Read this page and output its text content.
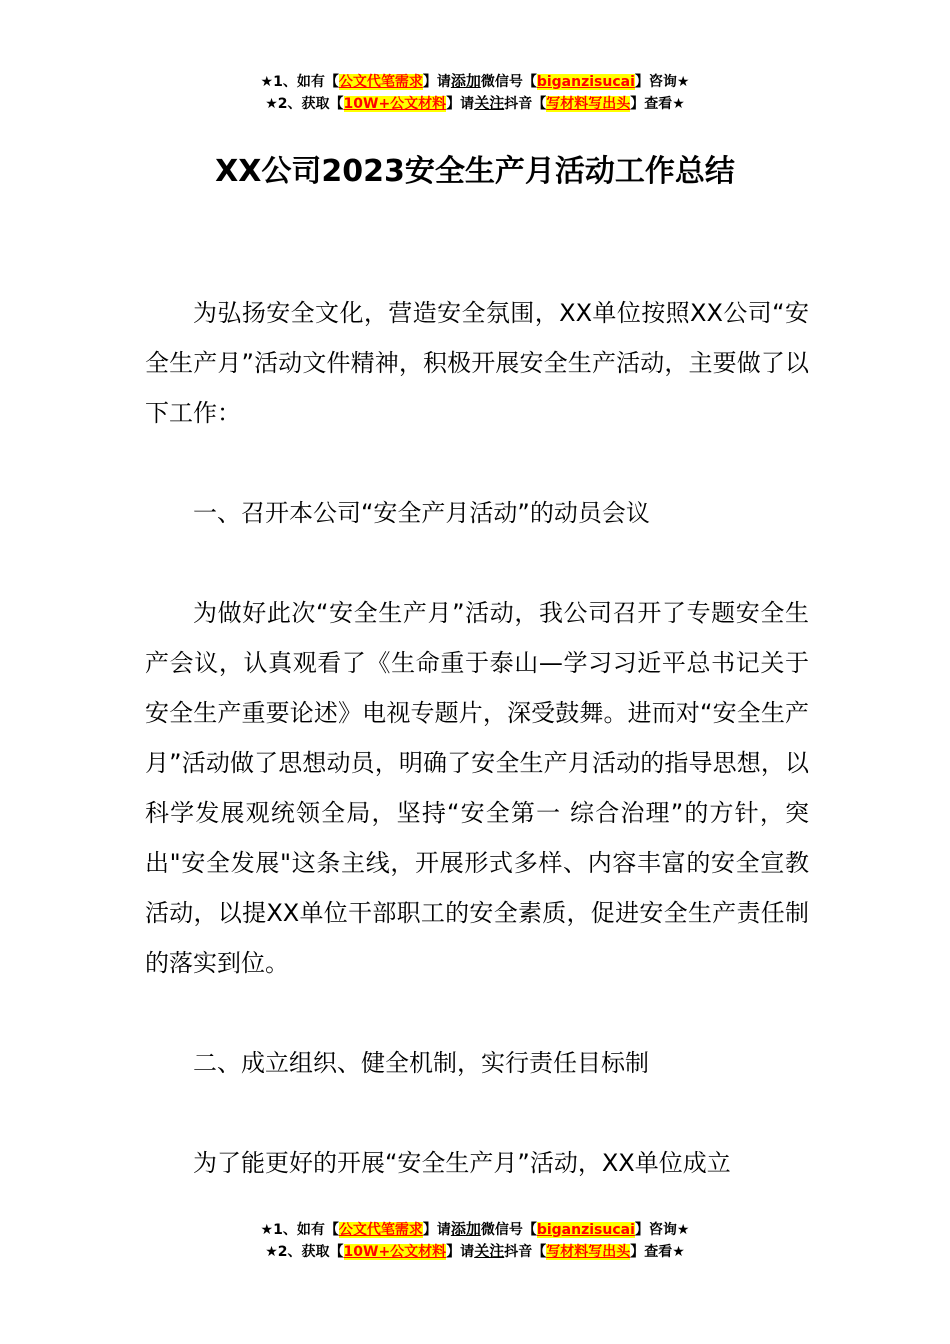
★1、如有【公文代笔需求】请添加微信号【biganzisucai】咨询★
★2、获取【10W+公文材料】请关注抖音【写材料写出头】查看★
XX公司2023安全生产月活动工作总结

为弘扬安全文化，营造安全氛围，XX单位按照XX公司“安全生产月”活动文件精神，积极开展安全生产活动，主要做了以下工作：

一、召开本公司“安全产月活动”的动员会议

为做好此次“安全生产月”活动，我公司召开了专题安全生产会议，认真观看了《生命重于泰山—学习习近平总书记关于安全生产重要论述》电视专题片，深受鼓舞。进而对“安全生产月”活动做了思想动员，明确了安全生产月活动的指导思想，以科学发展观统领全局，坚持“安全第一 综合治理”的方针，突出"安全发展"这条主线，开展形式多样、内容丰富的安全宣教活动，以提XX单位干部职工的安全素质，促进安全生产责任制的落实到位。

二、成立组织、健全机制，实行责任目标制

为了能更好的开展“安全生产月”活动，XX单位成立

★1、如有【公文代笔需求】请添加微信号【biganzisucai】咨询★
★2、获取【10W+公文材料】请关注抖音【写材料写出头】查看★
